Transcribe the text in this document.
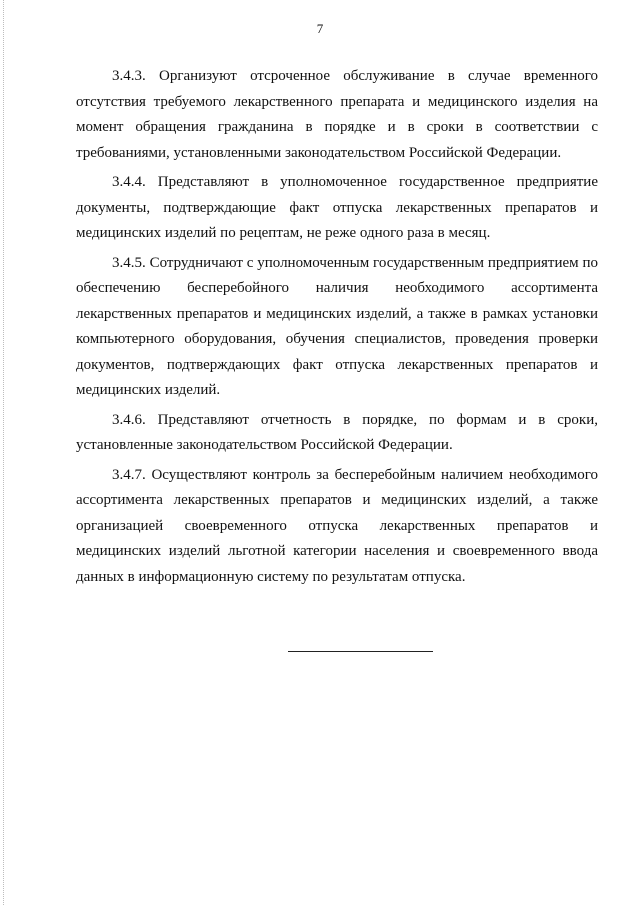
7

3.4.3. Организуют отсроченное обслуживание в случае временного отсутствия требуемого лекарственного препарата и медицинского изделия на момент обращения гражданина в порядке и в сроки в соответствии с требованиями, установленными законодательством Российской Федерации.

3.4.4. Представляют в уполномоченное государственное предприятие документы, подтверждающие факт отпуска лекарственных препаратов и медицинских изделий по рецептам, не реже одного раза в месяц.

3.4.5. Сотрудничают с уполномоченным государственным предприятием по обеспечению бесперебойного наличия необходимого ассортимента лекарственных препаратов и медицинских изделий, а также в рамках установки компьютерного оборудования, обучения специалистов, проведения проверки документов, подтверждающих факт отпуска лекарственных препаратов и медицинских изделий.

3.4.6. Представляют отчетность в порядке, по формам и в сроки, установленные законодательством Российской Федерации.

3.4.7. Осуществляют контроль за бесперебойным наличием необходимого ассортимента лекарственных препаратов и медицинских изделий, а также организацией своевременного отпуска лекарственных препаратов и медицинских изделий льготной категории населения и своевременного ввода данных в информационную систему по результатам отпуска.
